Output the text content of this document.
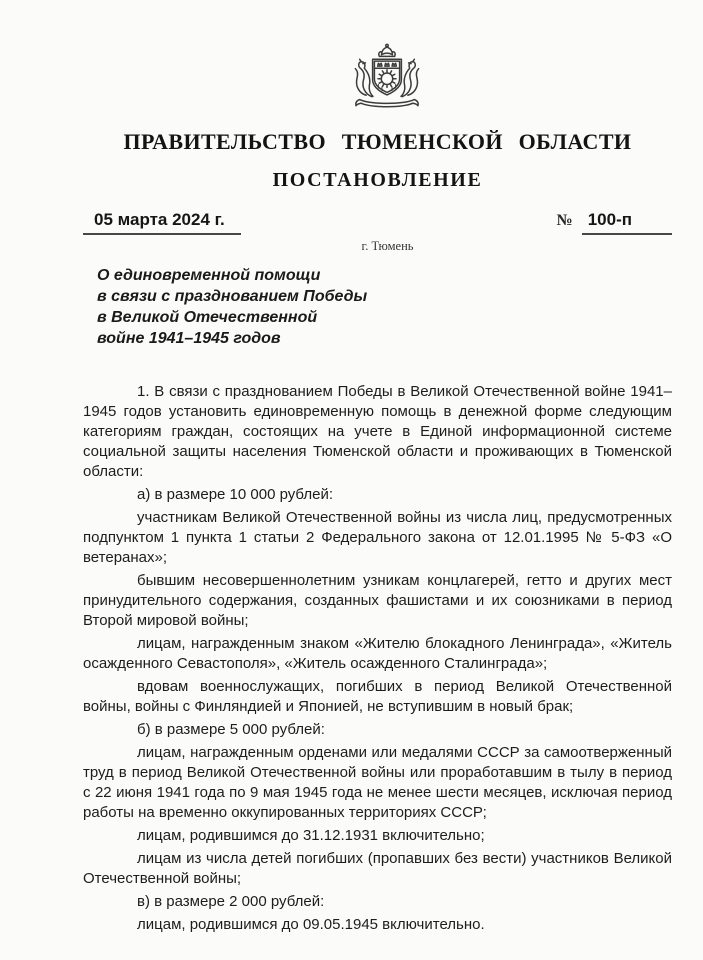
ПРАВИТЕЛЬСТВО ТЮМЕНСКОЙ ОБЛАСТИ
ПОСТАНОВЛЕНИЕ
05 марта 2024 г.	№ 100-п
г. Тюмень
О единовременной помощи
в связи с празднованием Победы
в Великой Отечественной
войне 1941–1945 годов

1. В связи с празднованием Победы в Великой Отечественной войне 1941–1945 годов установить единовременную помощь в денежной форме следующим категориям граждан, состоящих на учете в Единой информационной системе социальной защиты населения Тюменской области и проживающих в Тюменской области:

а) в размере 10 000 рублей:

участникам Великой Отечественной войны из числа лиц, предусмотренных подпунктом 1 пункта 1 статьи 2 Федерального закона от 12.01.1995 № 5-ФЗ «О ветеранах»;

бывшим несовершеннолетним узникам концлагерей, гетто и других мест принудительного содержания, созданных фашистами и их союзниками в период Второй мировой войны;

лицам, награжденным знаком «Жителю блокадного Ленинграда», «Житель осажденного Севастополя», «Житель осажденного Сталинграда»;

вдовам военнослужащих, погибших в период Великой Отечественной войны, войны с Финляндией и Японией, не вступившим в новый брак;

б) в размере 5 000 рублей:

лицам, награжденным орденами или медалями СССР за самоотверженный труд в период Великой Отечественной войны или проработавшим в тылу в период с 22 июня 1941 года по 9 мая 1945 года не менее шести месяцев, исключая период работы на временно оккупированных территориях СССР;

лицам, родившимся до 31.12.1931 включительно;

лицам из числа детей погибших (пропавших без вести) участников Великой Отечественной войны;

в) в размере 2 000 рублей:

лицам, родившимся до 09.05.1945 включительно.
